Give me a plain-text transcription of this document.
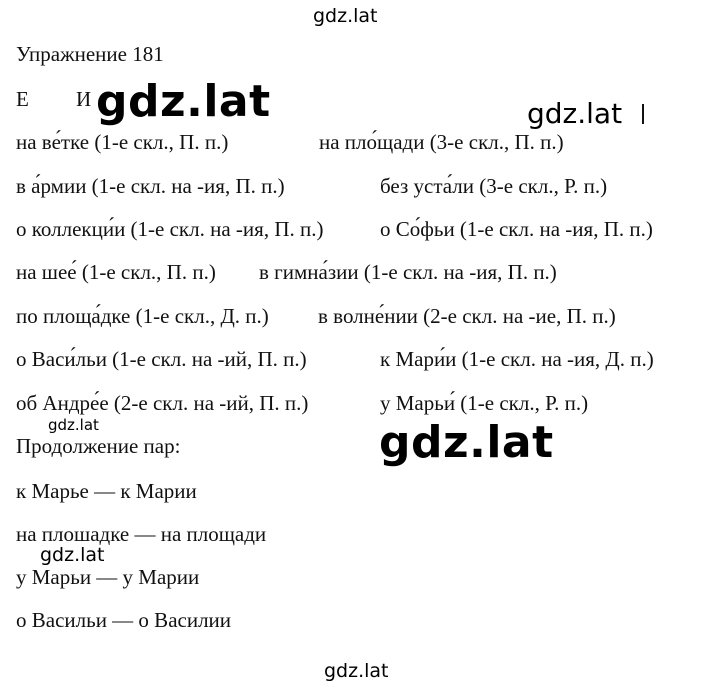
gdz.lat
Упражнение 181
Е И gdz.lat	gdz.lat
на ве́тке (1-е скл., П. п.)	на пло́щади (3-е скл., П. п.)
в а́рмии (1-е скл. на -ия, П. п.)	без уста́ли (3-е скл., Р. п.)
о коллекци́и (1-е скл. на -ия, П. п.)	о Со́фьи (1-е скл. на -ия, П. п.)
на шее́ (1-е скл., П. п.) в гимна́зии (1-е скл. на -ия, П. п.)
по площа́дке (1-е скл., Д. п.) в волне́нии (2-е скл. на -ие, П. п.)
о Васи́льи (1-е скл. на -ий, П. п.)	к Мари́и (1-е скл. на -ия, Д. п.)
об Андре́е (2-е скл. на -ий, П. п.)	у Марьи́ (1-е скл., Р. п.)
gdz.lat
Продолжение пар:	gdz.lat
к Марье — к Марии
на плошадке — на площади
gdz.lat
у Марьи — у Марии
о Васильи — о Василии
gdz.lat
